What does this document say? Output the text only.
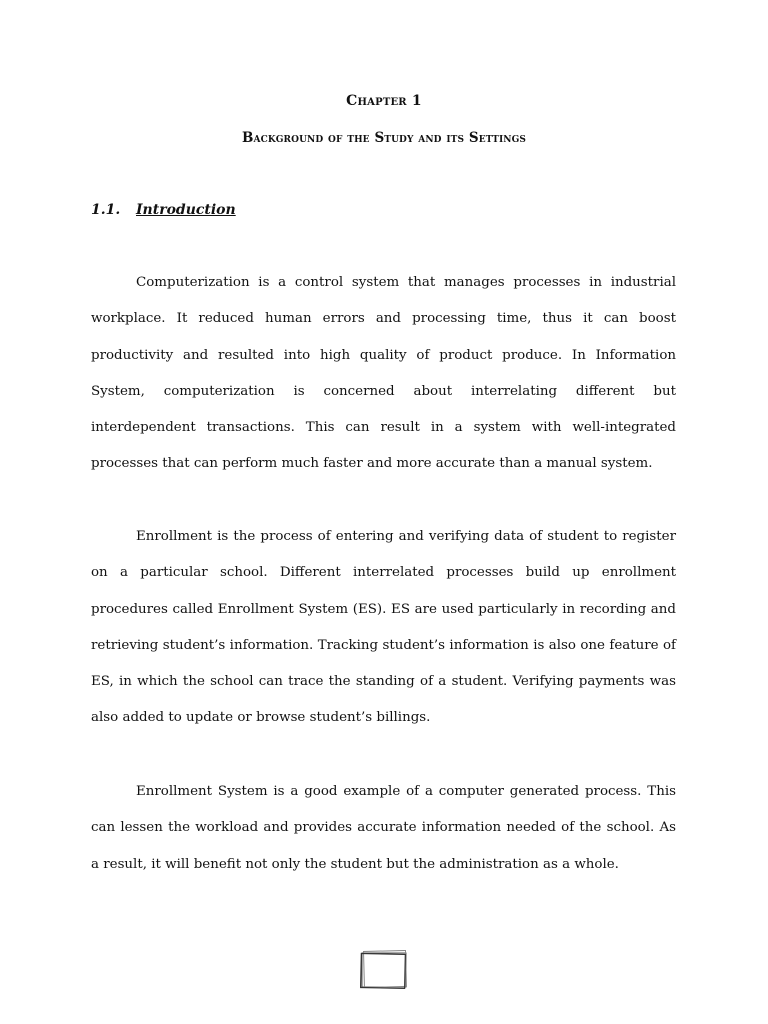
Chapter 1
Background of the Study and its Settings
1.1. Introduction

Computerization is a control system that manages processes in industrial workplace. It reduced human errors and processing time, thus it can boost productivity and resulted into high quality of product produce. In Information System, computerization is concerned about interrelating different but interdependent transactions. This can result in a system with well-integrated processes that can perform much faster and more accurate than a manual system.

Enrollment is the process of entering and verifying data of student to register on a particular school. Different interrelated processes build up enrollment procedures called Enrollment System (ES). ES are used particularly in recording and retrieving student’s information. Tracking student’s information is also one feature of ES, in which the school can trace the standing of a student. Verifying payments was also added to update or browse student’s billings.

Enrollment System is a good example of a computer generated process. This can lessen the workload and provides accurate information needed of the school. As a result, it will benefit not only the student but the administration as a whole.
